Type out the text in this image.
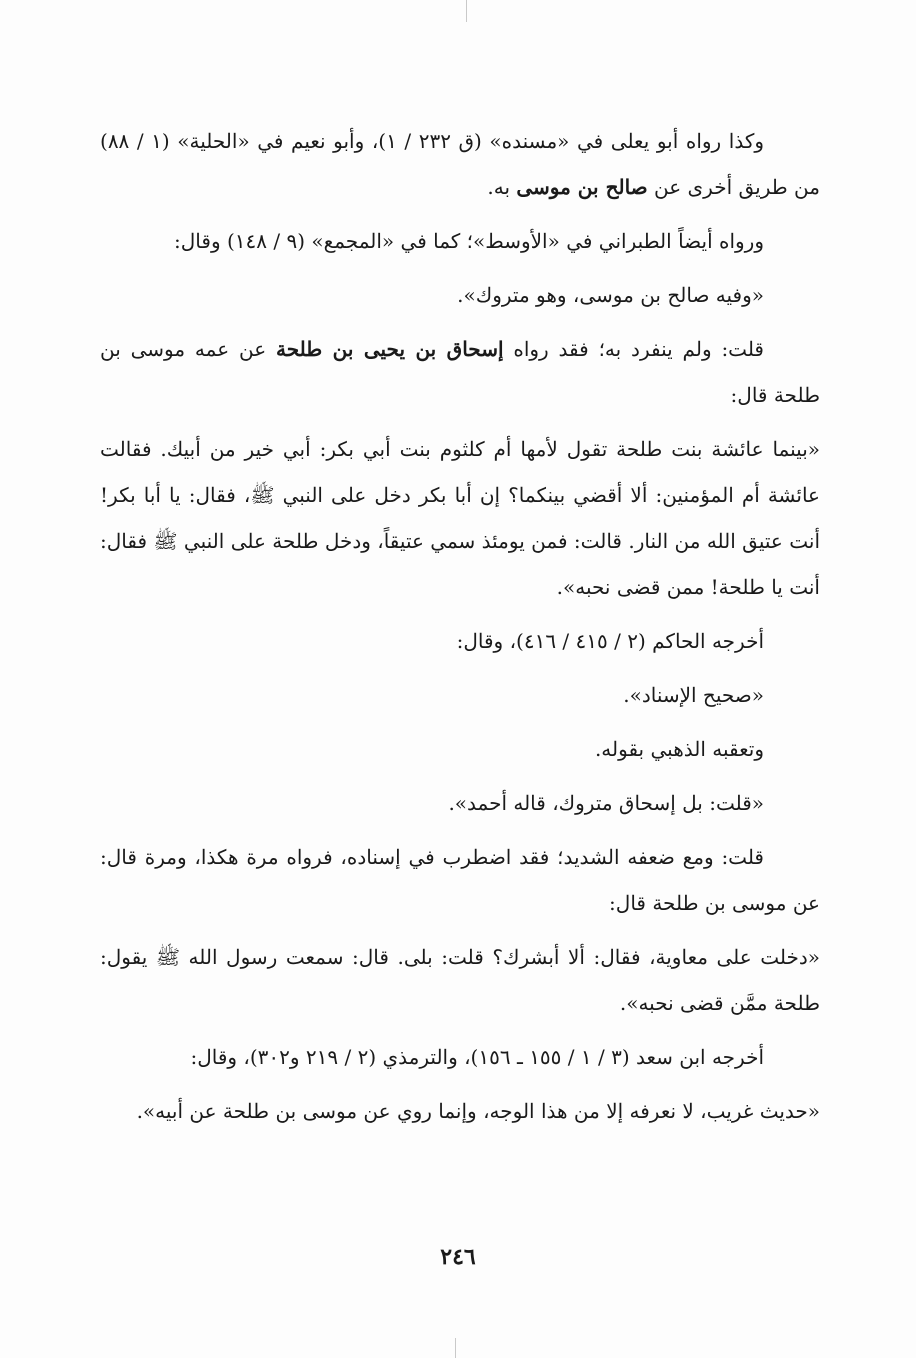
وكذا رواه أبو يعلى في «مسنده» (ق ٢٣٢ / ١)، وأبو نعيم في «الحلية» (١ / ٨٨) من طريق أخرى عن صالح بن موسى به.

ورواه أيضاً الطبراني في «الأوسط»؛ كما في «المجمع» (٩ / ١٤٨) وقال:

«وفيه صالح بن موسى، وهو متروك».

قلت: ولم ينفرد به؛ فقد رواه إسحاق بن يحيى بن طلحة عن عمه موسى بن طلحة قال:

«بينما عائشة بنت طلحة تقول لأمها أم كلثوم بنت أبي بكر: أبي خير من أبيك. فقالت عائشة أم المؤمنين: ألا أقضي بينكما؟ إن أبا بكر دخل على النبي ﷺ، فقال: يا أبا بكر! أنت عتيق الله من النار. قالت: فمن يومئذ سمي عتيقاً، ودخل طلحة على النبي ﷺ فقال: أنت يا طلحة! ممن قضى نحبه».

أخرجه الحاكم (٢ / ٤١٥ / ٤١٦)، وقال:

«صحيح الإسناد».

وتعقبه الذهبي بقوله.

«قلت: بل إسحاق متروك، قاله أحمد».

قلت: ومع ضعفه الشديد؛ فقد اضطرب في إسناده، فرواه مرة هكذا، ومرة قال: عن موسى بن طلحة قال:

«دخلت على معاوية، فقال: ألا أبشرك؟ قلت: بلى. قال: سمعت رسول الله ﷺ يقول: طلحة ممَّن قضى نحبه».

أخرجه ابن سعد (٣ / ١ / ١٥٥ ـ ١٥٦)، والترمذي (٢ / ٢١٩ و٣٠٢)، وقال:

«حديث غريب، لا نعرفه إلا من هذا الوجه، وإنما روي عن موسى بن طلحة عن أبيه».

٢٤٦
